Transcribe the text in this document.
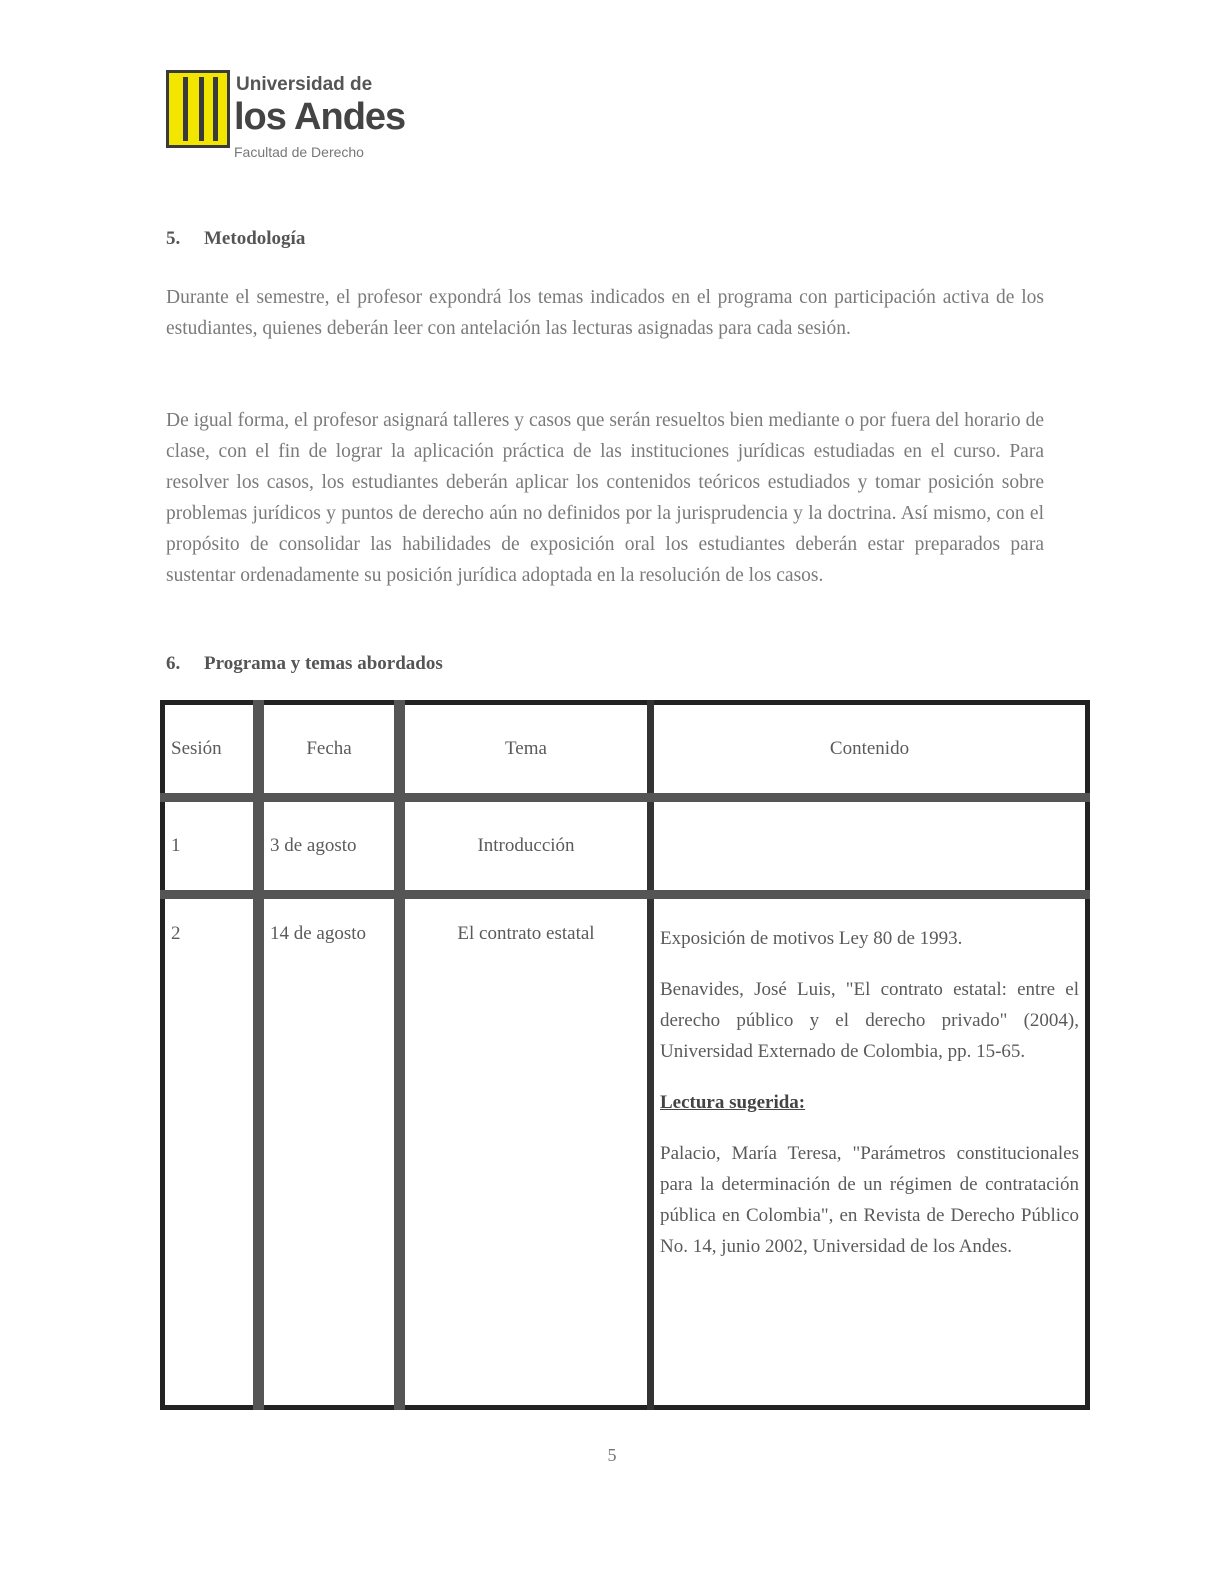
Universidad de
los Andes
Facultad de Derecho
5. Metodología

Durante el semestre, el profesor expondrá los temas indicados en el programa con participación activa de los estudiantes, quienes deberán leer con antelación las lecturas asignadas para cada sesión.

De igual forma, el profesor asignará talleres y casos que serán resueltos bien mediante o por fuera del horario de clase, con el fin de lograr la aplicación práctica de las instituciones jurídicas estudiadas en el curso. Para resolver los casos, los estudiantes deberán aplicar los contenidos teóricos estudiados y tomar posición sobre problemas jurídicos y puntos de derecho aún no definidos por la jurisprudencia y la doctrina. Así mismo, con el propósito de consolidar las habilidades de exposición oral los estudiantes deberán estar preparados para sustentar ordenadamente su posición jurídica adoptada en la resolución de los casos.

6. Programa y temas abordados
Sesión	Fecha	Tema	Contenido
1	3 de agosto	Introducción	
2	14 de agosto	El contrato estatal	Exposición de motivos Ley 80 de 1993.

Benavides, José Luis, "El contrato estatal: entre el derecho público y el derecho privado" (2004), Universidad Externado de Colombia, pp. 15-65.

Lectura sugerida:

Palacio, María Teresa, "Parámetros constitucionales para la determinación de un régimen de contratación pública en Colombia", en Revista de Derecho Público No. 14, junio 2002, Universidad de los Andes.

5
